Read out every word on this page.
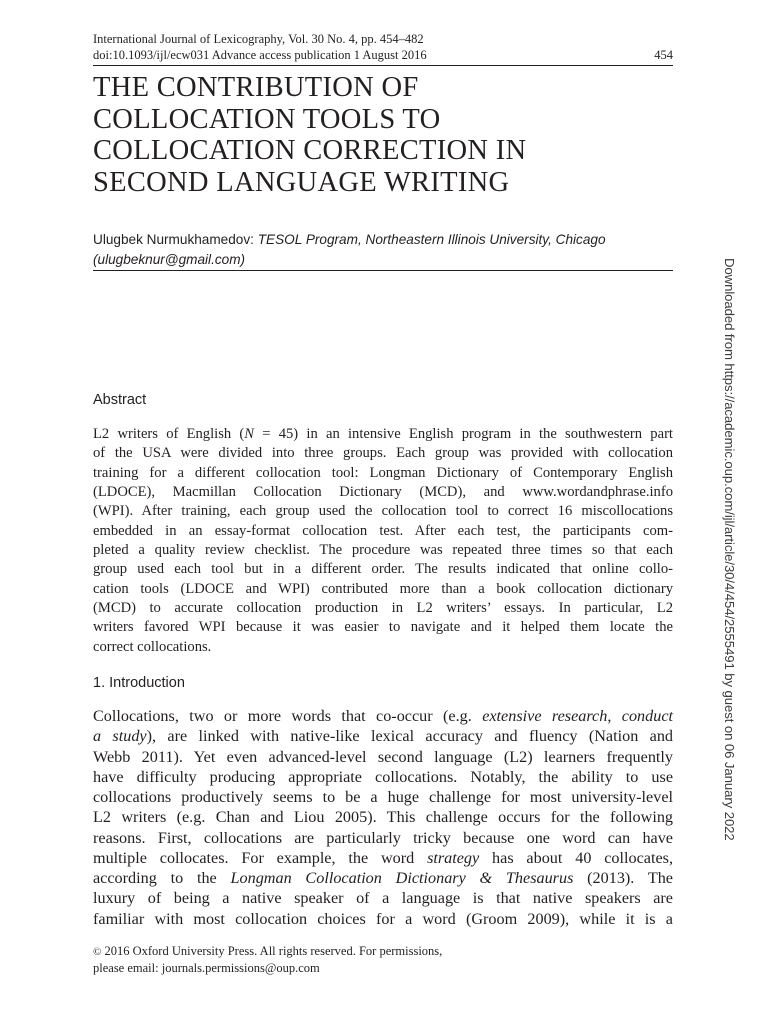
International Journal of Lexicography, Vol. 30 No. 4, pp. 454–482
doi:10.1093/ijl/ecw031 Advance access publication 1 August 2016	454
THE CONTRIBUTION OF
COLLOCATION TOOLS TO
COLLOCATION CORRECTION IN
SECOND LANGUAGE WRITING
Ulugbek Nurmukhamedov: TESOL Program, Northeastern Illinois University, Chicago
(ulugbeknur@gmail.com)
Abstract
L2 writers of English (N = 45) in an intensive English program in the southwestern part
of the USA were divided into three groups. Each group was provided with collocation
training for a different collocation tool: Longman Dictionary of Contemporary English
(LDOCE), Macmillan Collocation Dictionary (MCD), and www.wordandphrase.info
(WPI). After training, each group used the collocation tool to correct 16 miscollocations
embedded in an essay-format collocation test. After each test, the participants com-
pleted a quality review checklist. The procedure was repeated three times so that each
group used each tool but in a different order. The results indicated that online collo-
cation tools (LDOCE and WPI) contributed more than a book collocation dictionary
(MCD) to accurate collocation production in L2 writers’ essays. In particular, L2
writers favored WPI because it was easier to navigate and it helped them locate the
correct collocations.
1. Introduction
Collocations, two or more words that co-occur (e.g. extensive research, conduct
a study), are linked with native-like lexical accuracy and fluency (Nation and
Webb 2011). Yet even advanced-level second language (L2) learners frequently
have difficulty producing appropriate collocations. Notably, the ability to use
collocations productively seems to be a huge challenge for most university-level
L2 writers (e.g. Chan and Liou 2005). This challenge occurs for the following
reasons. First, collocations are particularly tricky because one word can have
multiple collocates. For example, the word strategy has about 40 collocates,
according to the Longman Collocation Dictionary & Thesaurus (2013). The
luxury of being a native speaker of a language is that native speakers are
familiar with most collocation choices for a word (Groom 2009), while it is a
© 2016 Oxford University Press. All rights reserved. For permissions,
please email: journals.permissions@oup.com
Downloaded from https://academic.oup.com/ijl/article/30/4/454/2555491 by guest on 06 January 2022
